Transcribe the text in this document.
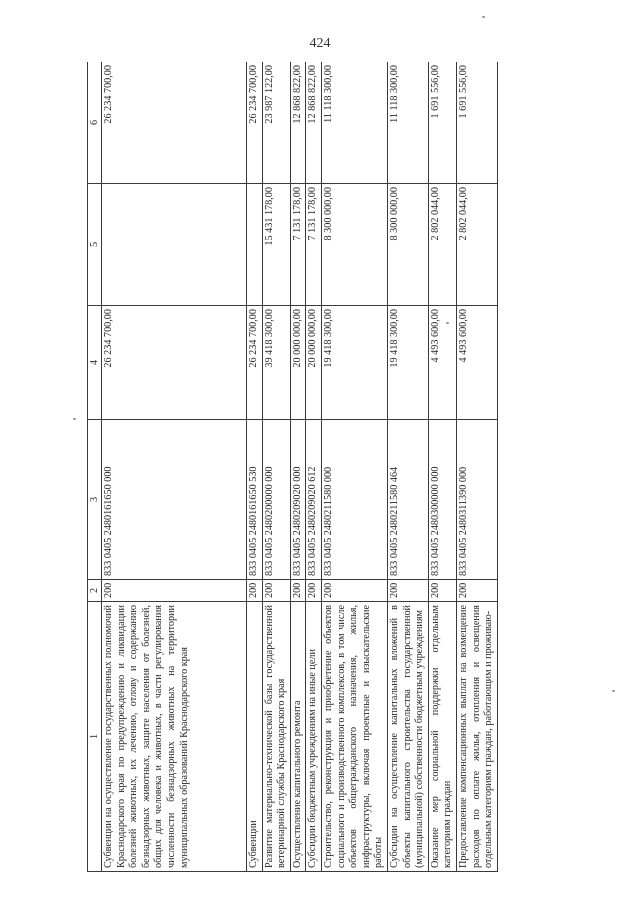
424
1	2	3	4	5	6
Субвенции на осуществление государственных полномочий Краснодарского края по предупреждению и ликвидации болезней животных, их лечению, отлову и содержанию безнадзорных животных, защите населения от болезней, общих для человека и животных, в части регулирования численности безнадзорных животных на территории муниципальных образований Краснодарского края	200	833 0405 2480161650 000	26 234 700,00		26 234 700,00
Субвенции	200	833 0405 2480161650 530	26 234 700,00		26 234 700,00
Развитие материально-технической базы государственной ветеринарной службы Краснодарского края	200	833 0405 2480200000 000	39 418 300,00	15 431 178,00	23 987 122,00
Осуществление капитального ремонта	200	833 0405 2480209020 000	20 000 000,00	7 131 178,00	12 868 822,00
Субсидии бюджетным учреждениям на иные цели	200	833 0405 2480209020 612	20 000 000,00	7 131 178,00	12 868 822,00
Строительство, реконструкция и приобретение объектов социального и производственного комплексов, в том числе объектов общегражданского назначения, жилья, инфраструктуры, включая проектные и изыскательские работы	200	833 0405 2480211580 000	19 418 300,00	8 300 000,00	11 118 300,00
Субсидии на осуществление капитальных вложений в объекты капитального строительства государственной (муниципальной) собственности бюджетным учреждениям	200	833 0405 2480211580 464	19 418 300,00	8 300 000,00	11 118 300,00
Оказание мер социальной поддержки отдельным категориям граждан	200	833 0405 2480300000 000	4 493 600,00	2 802 044,00	1 691 556,00
Предоставление компенсационных выплат на возмещение расходов по оплате жилья, отопления и освещения отдельным категориям граждан, работающим и проживаю-	200	833 0405 2480311390 000	4 493 600,00	2 802 044,00	1 691 556,00
